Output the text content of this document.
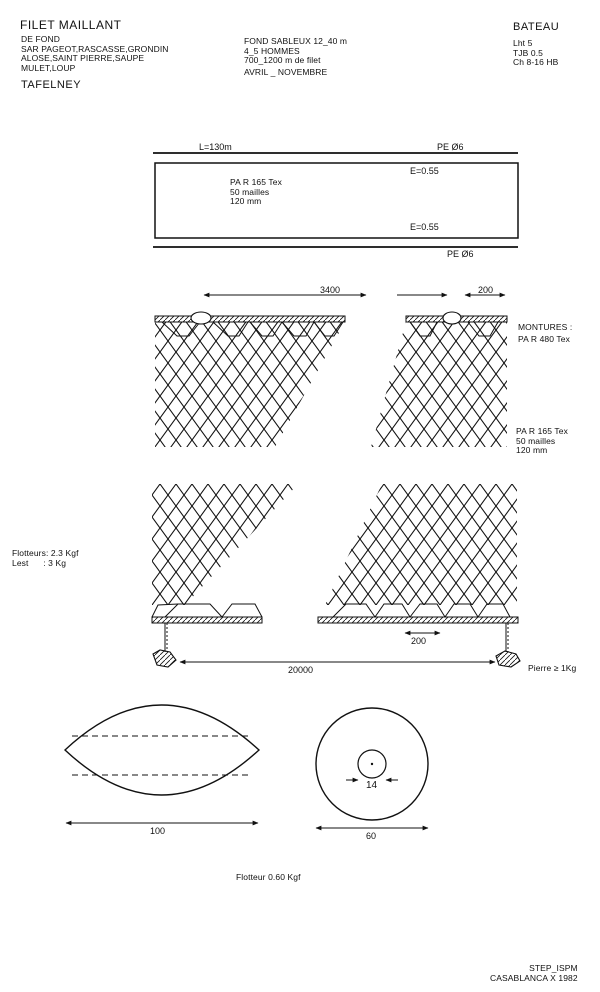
FILET MAILLANT
DE FOND
SAR PAGEOT,RASCASSE,GRONDIN
ALOSE,SAINT PIERRE,SAUPE
MULET,LOUP
TAFELNEY
FOND SABLEUX 12_40 m
4_5 HOMMES
700_1200 m de filet
AVRIL _ NOVEMBRE
BATEAU
Lht 5
TJB 0.5
Ch 8-16 HB
L=130m	PE Ø6
E=0.55
PA R 165 Tex
50 mailles
120 mm
E=0.55
PE Ø6
3400	200
MONTURES :
PA R 480 Tex
PA R 165 Tex
50 mailles
120 mm
Flotteurs: 2.3 Kgf
Lest      : 3 Kg
200
20000	Pierre ≥ 1Kg
100
14
60
Flotteur 0.60 Kgf
STEP_ISPM
CASABLANCA X 1982
